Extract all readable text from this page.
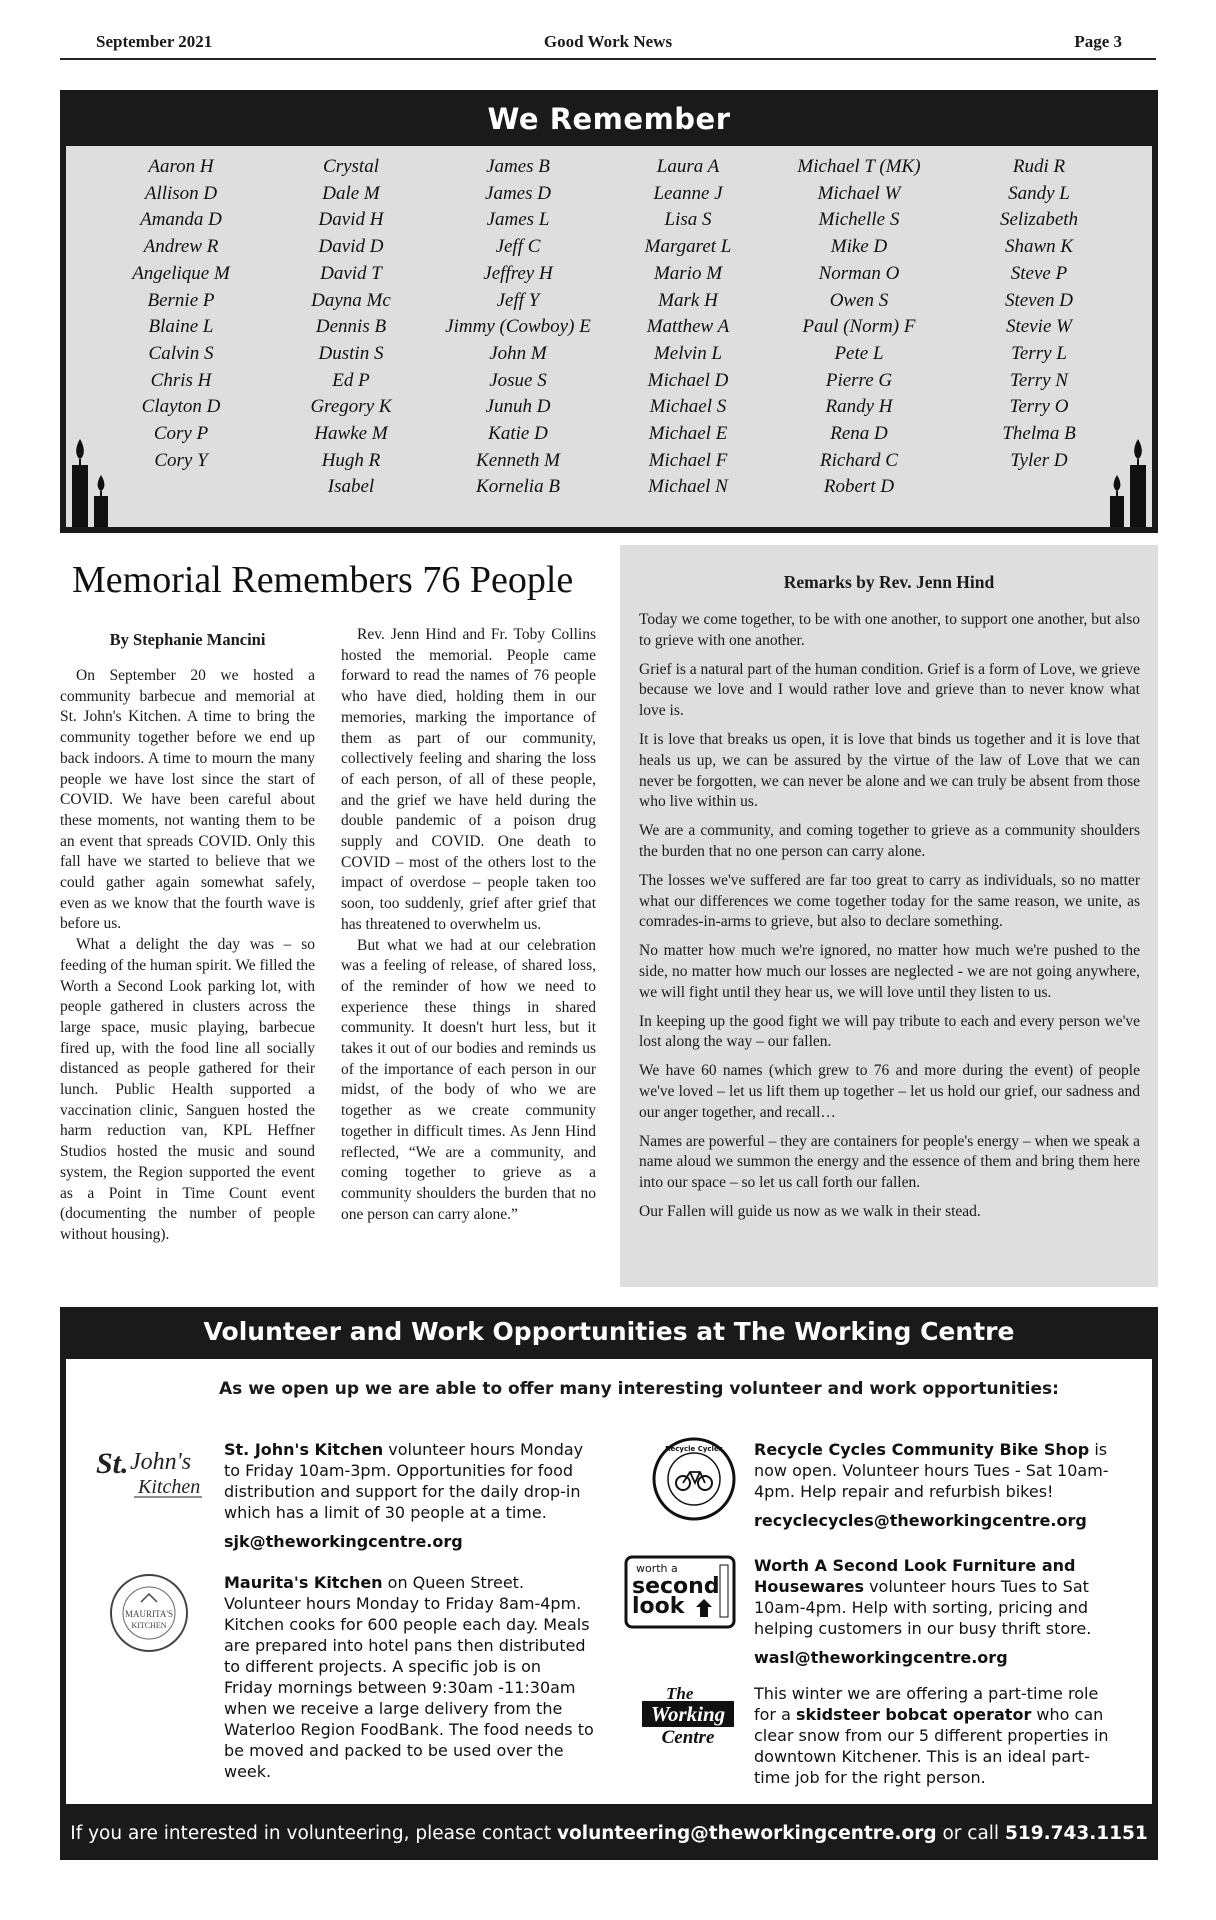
September 2021	Good Work News	Page 3
We Remember
Aaron H
Allison D
Amanda D
Andrew R
Angelique M
Bernie P
Blaine L
Calvin S
Chris H
Clayton D
Cory P
Cory Y
Crystal
Dale M
David H
David D
David T
Dayna Mc
Dennis B
Dustin S
Ed P
Gregory K
Hawke M
Hugh R
Isabel
James B
James D
James L
Jeff C
Jeffrey H
Jeff Y
Jimmy (Cowboy) E
John M
Josue S
Junuh D
Katie D
Kenneth M
Kornelia B
Laura A
Leanne J
Lisa S
Margaret L
Mario M
Mark H
Matthew A
Melvin L
Michael D
Michael S
Michael E
Michael F
Michael N
Michael T (MK)
Michael W
Michelle S
Mike D
Norman O
Owen S
Paul (Norm) F
Pete L
Pierre G
Randy H
Rena D
Richard C
Robert D
Rudi R
Sandy L
Selizabeth
Shawn K
Steve P
Steven D
Stevie W
Terry L
Terry N
Terry O
Thelma B
Tyler D
Memorial Remembers 76 People
By Stephanie Mancini

On September 20 we hosted a community barbecue and memorial at St. John's Kitchen. A time to bring the community together before we end up back indoors. A time to mourn the many people we have lost since the start of COVID. We have been careful about these moments, not wanting them to be an event that spreads COVID. Only this fall have we started to believe that we could gather again somewhat safely, even as we know that the fourth wave is before us.

What a delight the day was – so feeding of the human spirit. We filled the Worth a Second Look parking lot, with people gathered in clusters across the large space, music playing, barbecue fired up, with the food line all socially distanced as people gathered for their lunch. Public Health supported a vaccination clinic, Sanguen hosted the harm reduction van, KPL Heffner Studios hosted the music and sound system, the Region supported the event as a Point in Time Count event (documenting the number of people without housing).

Rev. Jenn Hind and Fr. Toby Collins hosted the memorial. People came forward to read the names of 76 people who have died, holding them in our memories, marking the importance of them as part of our community, collectively feeling and sharing the loss of each person, of all of these people, and the grief we have held during the double pandemic of a poison drug supply and COVID. One death to COVID – most of the others lost to the impact of overdose – people taken too soon, too suddenly, grief after grief that has threatened to overwhelm us.

But what we had at our celebration was a feeling of release, of shared loss, of the reminder of how we need to experience these things in shared community. It doesn't hurt less, but it takes it out of our bodies and reminds us of the importance of each person in our midst, of the body of who we are together as we create community together in difficult times. As Jenn Hind reflected, “We are a community, and coming together to grieve as a community shoulders the burden that no one person can carry alone.”

Remarks by Rev. Jenn Hind

Today we come together, to be with one another, to support one another, but also to grieve with one another.

Grief is a natural part of the human condition. Grief is a form of Love, we grieve because we love and I would rather love and grieve than to never know what love is.

It is love that breaks us open, it is love that binds us together and it is love that heals us up, we can be assured by the virtue of the law of Love that we can never be forgotten, we can never be alone and we can truly be absent from those who live within us.

We are a community, and coming together to grieve as a community shoulders the burden that no one person can carry alone.

The losses we've suffered are far too great to carry as individuals, so no matter what our differences we come together today for the same reason, we unite, as comrades-in-arms to grieve, but also to declare something.

No matter how much we're ignored, no matter how much we're pushed to the side, no matter how much our losses are neglected - we are not going anywhere, we will fight until they hear us, we will love until they listen to us.

In keeping up the good fight we will pay tribute to each and every person we've lost along the way – our fallen.

We have 60 names (which grew to 76 and more during the event) of people we've loved – let us lift them up together – let us hold our grief, our sadness and our anger together, and recall…

Names are powerful – they are containers for people's energy – when we speak a name aloud we summon the energy and the essence of them and bring them here into our space – so let us call forth our fallen.

Our Fallen will guide us now as we walk in their stead.

Volunteer and Work Opportunities at The Working Centre
As we open up we are able to offer many interesting volunteer and work opportunities:
St. John's
Kitchen

St. John's Kitchen volunteer hours Monday to Friday 10am-3pm. Opportunities for food distribution and support for the daily drop-in which has a limit of 30 people at a time.

sjk@theworkingcentre.org

MAURITA'S
KITCHEN

Maurita's Kitchen on Queen Street. Volunteer hours Monday to Friday 8am-4pm. Kitchen cooks for 600 people each day. Meals are prepared into hotel pans then distributed to different projects. A specific job is on Friday mornings between 9:30am -11:30am when we receive a large delivery from the Waterloo Region FoodBank. The food needs to be moved and packed to be used over the week.

Recycle Cycles Recycle Cycles Community Bike Shop is now open. Volunteer hours Tues - Sat 10am-4pm. Help repair and refurbish bikes!

recyclecycles@theworkingcentre.org

worth a
second
look

Worth A Second Look Furniture and Housewares volunteer hours Tues to Sat 10am-4pm. Help with sorting, pricing and helping customers in our busy thrift store.

wasl@theworkingcentre.org

The
Working
Centre

This winter we are offering a part-time role for a skidsteer bobcat operator who can clear snow from our 5 different properties in downtown Kitchener. This is an ideal part-time job for the right person.

If you are interested in volunteering, please contact volunteering@theworkingcentre.org or call 519.743.1151
